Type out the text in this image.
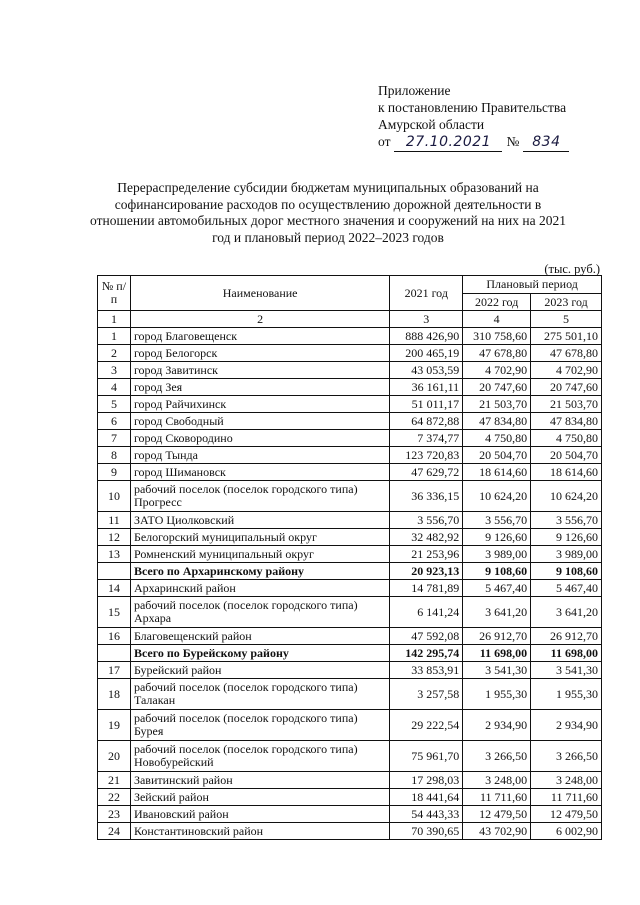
Приложение
к постановлению Правительства
Амурской области
от 27.10.2021 № 834
Перераспределение субсидии бюджетам муниципальных образований на софинансирование расходов по осуществлению дорожной деятельности в отношении автомобильных дорог местного значения и сооружений на них на 2021 год и плановый период 2022–2023 годов
(тыс. руб.)
№ п/п	Наименование	2021 год	Плановый период	
			2022 год	2023 год
1	2	3	4	5
1	город Благовещенск	888 426,90	310 758,60	275 501,10
2	город Белогорск	200 465,19	47 678,80	47 678,80
3	город Завитинск	43 053,59	4 702,90	4 702,90
4	город Зея	36 161,11	20 747,60	20 747,60
5	город Райчихинск	51 011,17	21 503,70	21 503,70
6	город Свободный	64 872,88	47 834,80	47 834,80
7	город Сковородино	7 374,77	4 750,80	4 750,80
8	город Тында	123 720,83	20 504,70	20 504,70
9	город Шимановск	47 629,72	18 614,60	18 614,60
10	рабочий поселок (поселок городского типа) Прогресс	36 336,15	10 624,20	10 624,20
11	ЗАТО Циолковский	3 556,70	3 556,70	3 556,70
12	Белогорский муниципальный округ	32 482,92	9 126,60	9 126,60
13	Ромненский муниципальный округ	21 253,96	3 989,00	3 989,00
	Всего по Архаринскому району	20 923,13	9 108,60	9 108,60
14	Архаринский район	14 781,89	5 467,40	5 467,40
15	рабочий поселок (поселок городского типа) Архара	6 141,24	3 641,20	3 641,20
16	Благовещенский район	47 592,08	26 912,70	26 912,70
	Всего по Бурейскому району	142 295,74	11 698,00	11 698,00
17	Бурейский район	33 853,91	3 541,30	3 541,30
18	рабочий поселок (поселок городского типа) Талакан	3 257,58	1 955,30	1 955,30
19	рабочий поселок (поселок городского типа) Бурея	29 222,54	2 934,90	2 934,90
20	рабочий поселок (поселок городского типа) Новобурейский	75 961,70	3 266,50	3 266,50
21	Завитинский район	17 298,03	3 248,00	3 248,00
22	Зейский район	18 441,64	11 711,60	11 711,60
23	Ивановский район	54 443,33	12 479,50	12 479,50
24	Константиновский район	70 390,65	43 702,90	6 002,90
